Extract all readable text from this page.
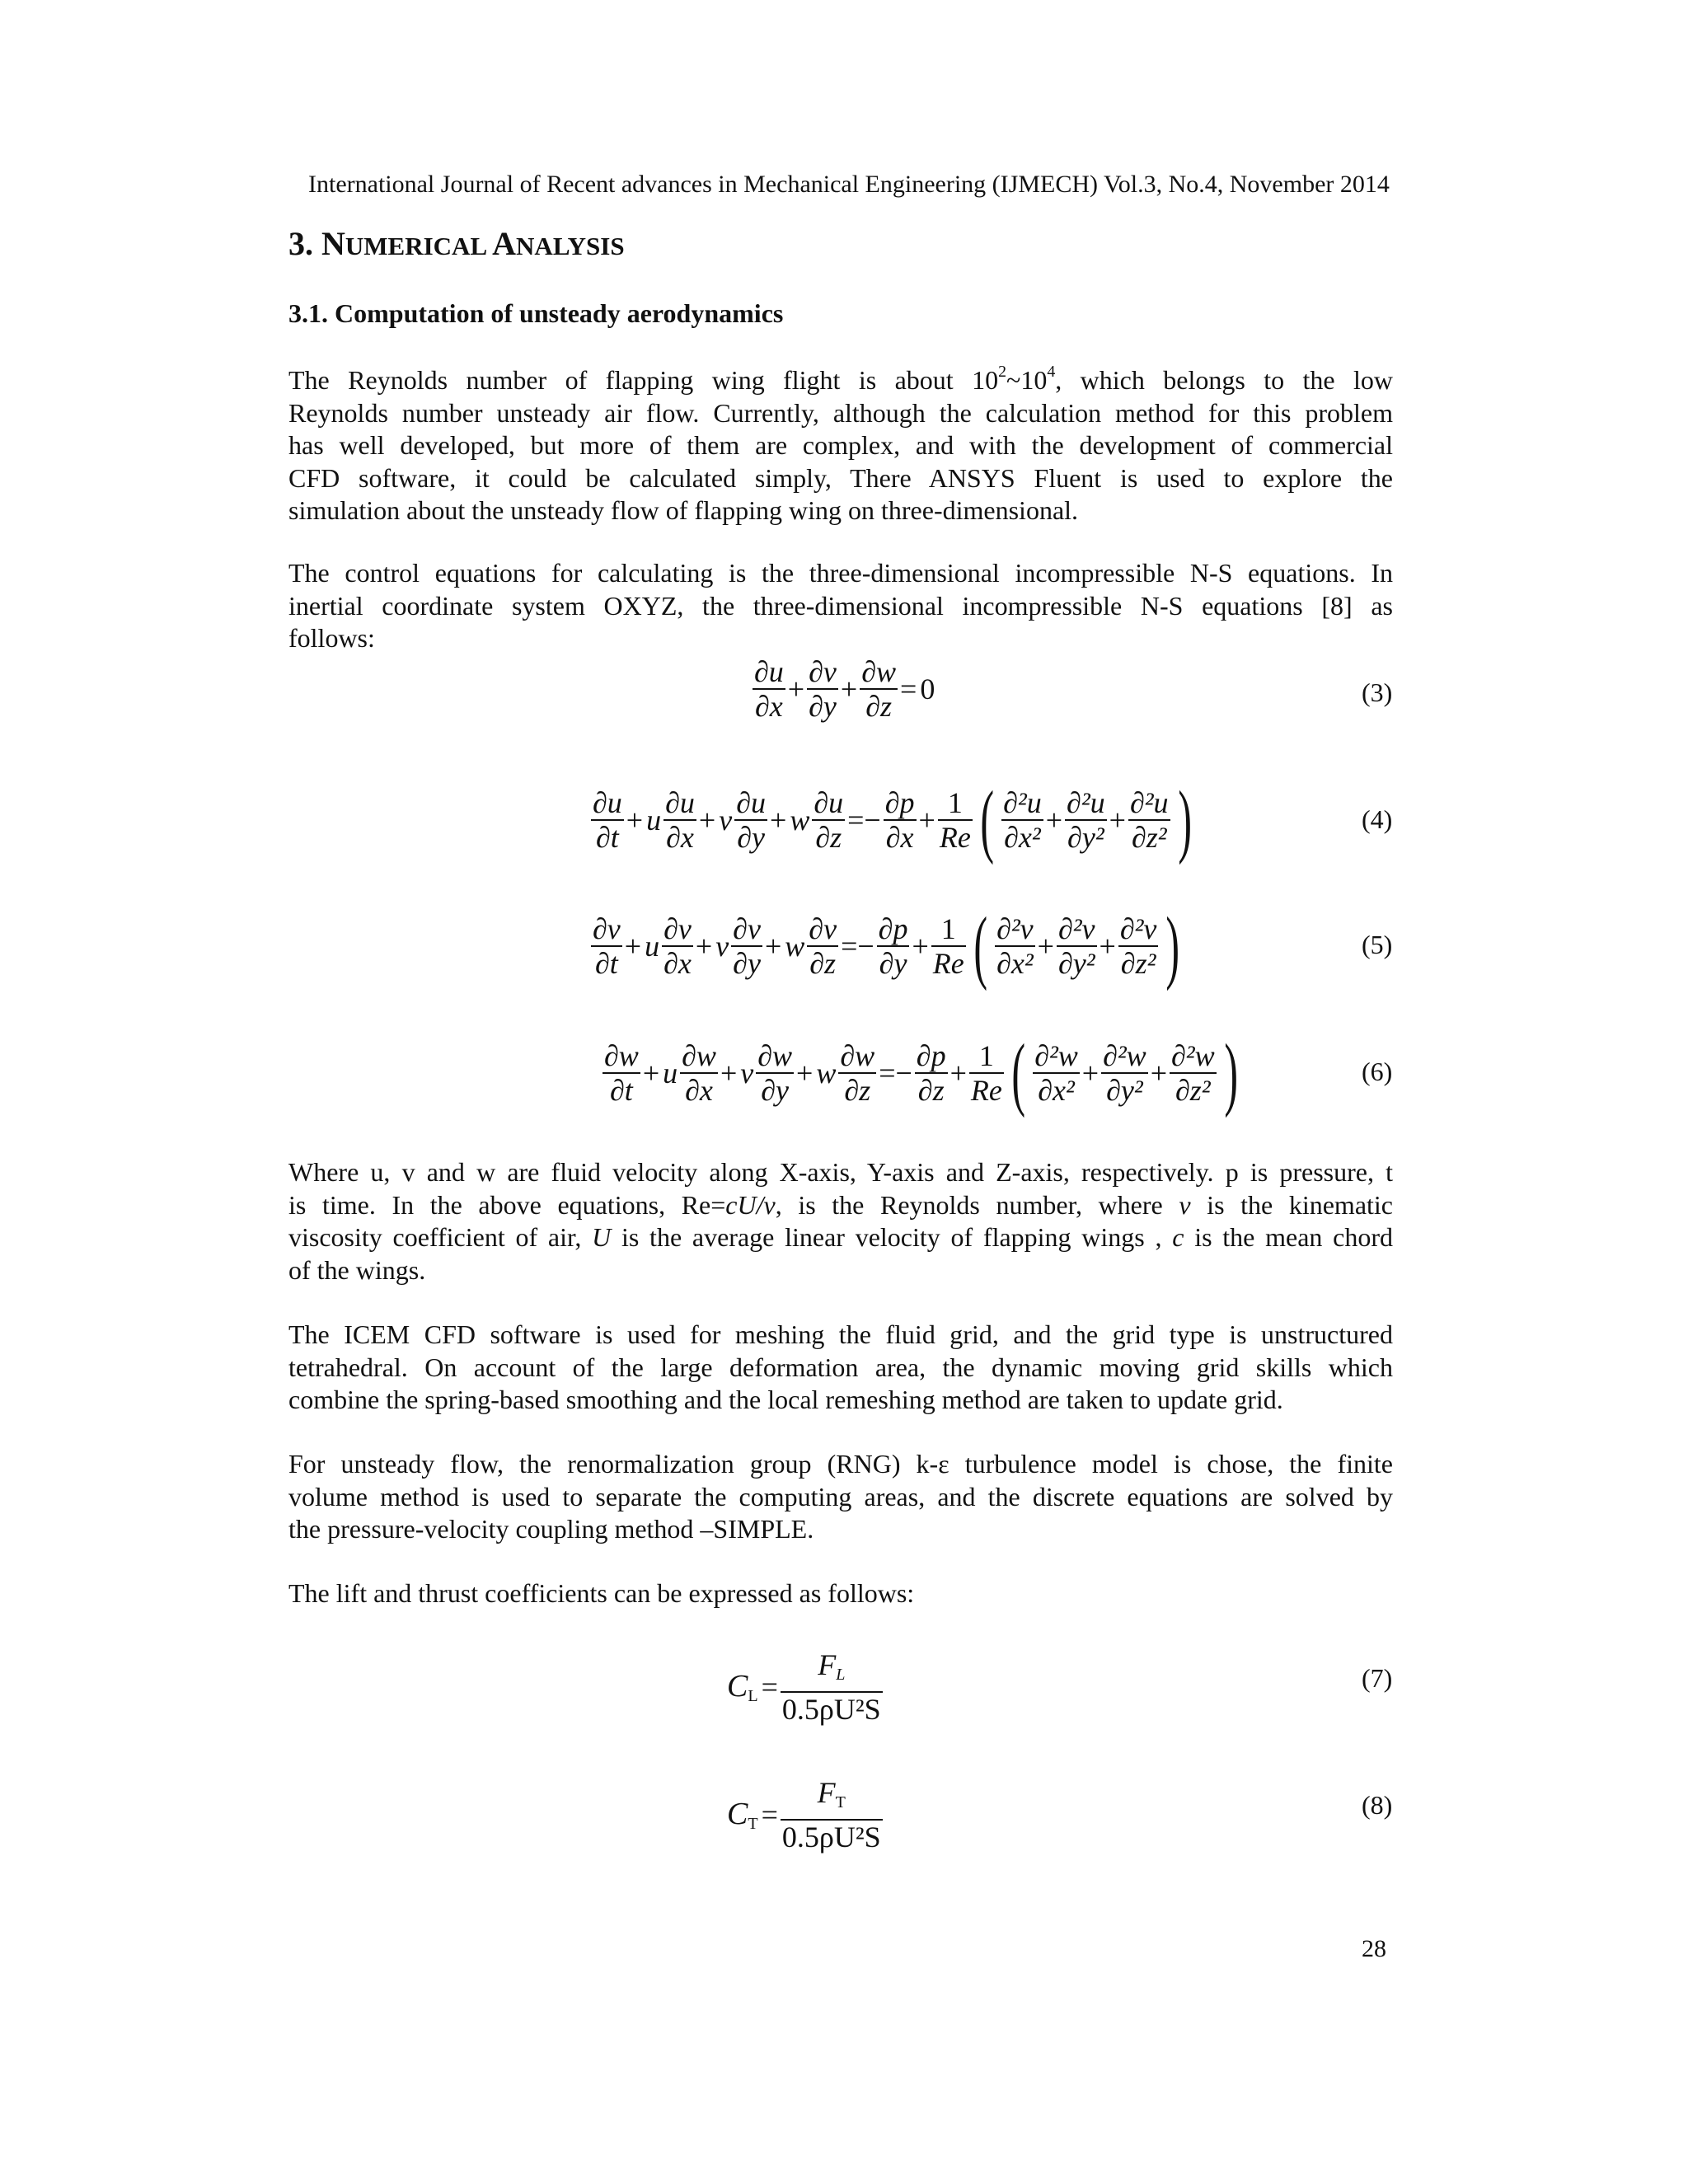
International Journal of Recent advances in Mechanical Engineering (IJMECH) Vol.3, No.4, November 2014
3. NUMERICAL ANALYSIS
3.1. Computation of unsteady aerodynamics
The Reynolds number of flapping wing flight is about $10^2\sim 10^4$, which belongs to the low
Reynolds number unsteady air flow. Currently, although the calculation method for this problem
has well developed, but more of them are complex, and with the development of commercial
CFD software, it could be calculated simply, There ANSYS Fluent is used to explore the
simulation about the unsteady flow of flapping wing on three-dimensional.
The control equations for calculating is the three-dimensional incompressible N-S equations. In
inertial coordinate system OXYZ, the three-dimensional incompressible N-S equations [8] as
follows:
$\frac{\partial u}{\partial x} + \frac{\partial v}{\partial y} + \frac{\partial w}{\partial z} = 0$	(3)
$\frac{\partial u}{\partial t} + u \frac{\partial u}{\partial x} + v \frac{\partial u}{\partial y} + w \frac{\partial u}{\partial z} =- \frac{\partial p}{\partial x} + \frac{1}{Re}$ ( $\frac{\text{∂²u}}{\text{∂x²}} + \frac{\text{∂²u}}{\text{∂y²}} + \frac{\text{∂²u}}{\text{∂z²}}$ )	(4)
$\frac{\partial v}{\partial t} + u \frac{\partial v}{\partial x} + v \frac{\partial v}{\partial y} + w \frac{\partial v}{\partial z} =- \frac{\partial p}{\partial y} + \frac{1}{Re}$ ( $\frac{\text{∂²v}}{\text{∂x²}} + \frac{\text{∂²v}}{\text{∂y²}} + \frac{\text{∂²v}}{\text{∂z²}}$ )	(5)
$\frac{\partial w}{\partial t} + u \frac{\partial w}{\partial x} + v \frac{\partial w}{\partial y} + w \frac{\partial w}{\partial z} =- \frac{\partial p}{\partial z} + \frac{1}{Re}$ ( $\frac{\text{∂²w}}{\text{∂x²}} + \frac{\text{∂²w}}{\text{∂y²}} + \frac{\text{∂²w}}{\text{∂z²}}$ )	(6)
Where u, v and w are fluid velocity along X-axis, Y-axis and Z-axis, respectively. p is pressure, t
is time. In the above equations, Re=cU/v, is the Reynolds number, where v is the kinematic
viscosity coefficient of air, U is the average linear velocity of flapping wings , c is the mean chord
of the wings.
The ICEM CFD software is used for meshing the fluid grid, and the grid type is unstructured
tetrahedral. On account of the large deformation area, the dynamic moving grid skills which
combine the spring-based smoothing and the local remeshing method are taken to update grid.
For unsteady flow, the renormalization group (RNG) k-ε turbulence model is chose, the finite
volume method is used to separate the computing areas, and the discrete equations are solved by
the pressure-velocity coupling method –SIMPLE.
The lift and thrust coefficients can be expressed as follows:
$C_L = \frac{F_L}{\text{0.5ρU²S}}$	(7)
$C_T = \frac{F_T}{\text{0.5ρU²S}}$	(8)
28
